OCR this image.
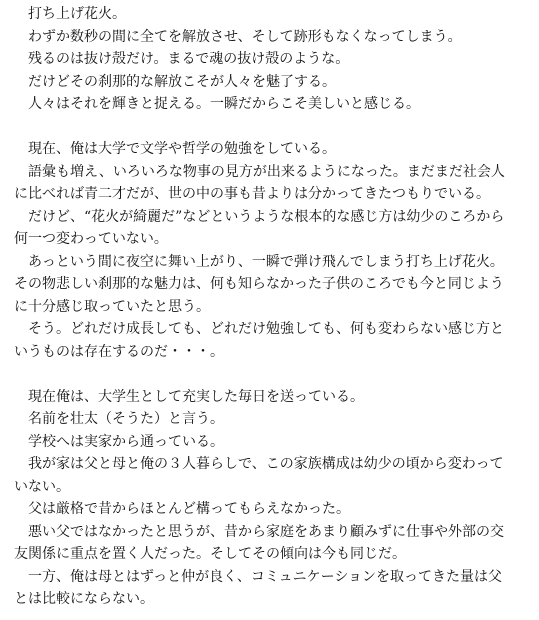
打ち上げ花火。

わずか数秒の間に全てを解放させ、そして跡形もなくなってしまう。

残るのは抜け殻だけ。まるで魂の抜け殻のような。

だけどその刹那的な解放こそが人々を魅了する。

人々はそれを輝きと捉える。一瞬だからこそ美しいと感じる。

現在、俺は大学で文学や哲学の勉強をしている。

語彙も増え、いろいろな物事の見方が出来るようになった。まだまだ社会人
に比べれば青二才だが、世の中の事も昔よりは分かってきたつもりでいる。

だけど、“花火が綺麗だ”などというような根本的な感じ方は幼少のころから
何一つ変わっていない。

あっという間に夜空に舞い上がり、一瞬で弾け飛んでしまう打ち上げ花火。
その物悲しい刹那的な魅力は、何も知らなかった子供のころでも今と同じよう
に十分感じ取っていたと思う。

そう。どれだけ成長しても、どれだけ勉強しても、何も変わらない感じ方と
いうものは存在するのだ・・・。

現在俺は、大学生として充実した毎日を送っている。

名前を壮太（そうた）と言う。

学校へは実家から通っている。

我が家は父と母と俺の３人暮らしで、この家族構成は幼少の頃から変わって
いない。

父は厳格で昔からほとんど構ってもらえなかった。

悪い父ではなかったと思うが、昔から家庭をあまり顧みずに仕事や外部の交
友関係に重点を置く人だった。そしてその傾向は今も同じだ。

一方、俺は母とはずっと仲が良く、コミュニケーションを取ってきた量は父
とは比較にならない。
